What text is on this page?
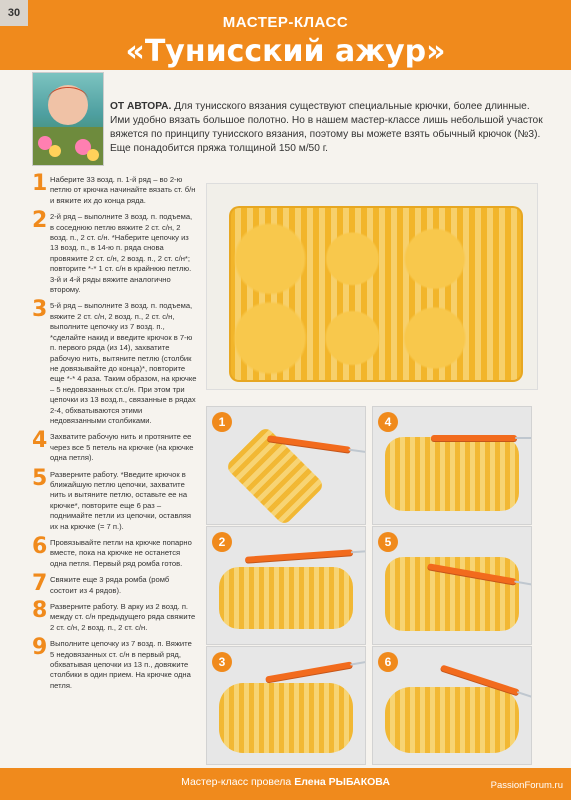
30
МАСТЕР-КЛАСС
«Тунисский ажур»
ОТ АВТОРА. Для тунисского вязания существуют специальные крючки, более длинные. Ими удобно вязать большое полотно. Но в нашем мастер-классе лишь небольшой участок вяжется по принципу тунисского вязания, поэтому вы можете взять обычный крючок (№3). Еще понадобится пряжа толщиной 150 м/50 г.
1 Наберите 33 возд. п. 1-й ряд – во 2-ю петлю от крючка начинайте вязать ст. б/н и вяжите их до конца ряда.
2 2-й ряд – выполните 3 возд. п. подъема, в соседнюю петлю вяжите 2 ст. с/н, 2 возд. п., 2 ст. с/н. *Наберите цепочку из 13 возд. п., в 14-ю п. ряда снова провяжите 2 ст. с/н, 2 возд. п., 2 ст. с/н*; повторите *-* 1 ст. с/н в крайнюю петлю. 3-й и 4-й ряды вяжите аналогично второму.
3 5-й ряд – выполните 3 возд. п. подъема, вяжите 2 ст. с/н, 2 возд. п., 2 ст. с/н, выполните цепочку из 7 возд. п., *сделайте накид и введите крючок в 7-ю п. первого ряда (из 14), захватите рабочую нить, вытяните петлю (столбик не довязывайте до конца)*, повторите еще *-* 4 раза. Таким образом, на крючке – 5 недовязанных ст.с/н. При этом три цепочки из 13 возд.п., связанные в рядах 2-4, обхватываются этими недовязанными столбиками.
4 Захватите рабочую нить и протяните ее через все 5 петель на крючке (на крючке одна петля).
5 Разверните работу. *Введите крючок в ближайшую петлю цепочки, захватите нить и вытяните петлю, оставьте ее на крючке*, повторите еще 6 раз – поднимайте петли из цепочки, оставляя их на крючке (= 7 п.).
6 Провязывайте петли на крючке попарно вместе, пока на крючке не останется одна петля. Первый ряд ромба готов.
7 Свяжите еще 3 ряда ромба (ромб состоит из 4 рядов).
8 Разверните работу. В арку из 2 возд. п. между ст. с/н предыдущего ряда свяжите 2 ст. с/н, 2 возд. п., 2 ст. с/н.
9 Выполните цепочку из 7 возд. п. Вяжите 5 недовязанных ст. с/н в первый ряд, обхватывая цепочки из 13 п., довяжите столбики в один прием. На крючке одна петля.
1	4
2	5
3	6
Мастер-класс провела Елена РЫБАКОВА	PassionForum.ru
